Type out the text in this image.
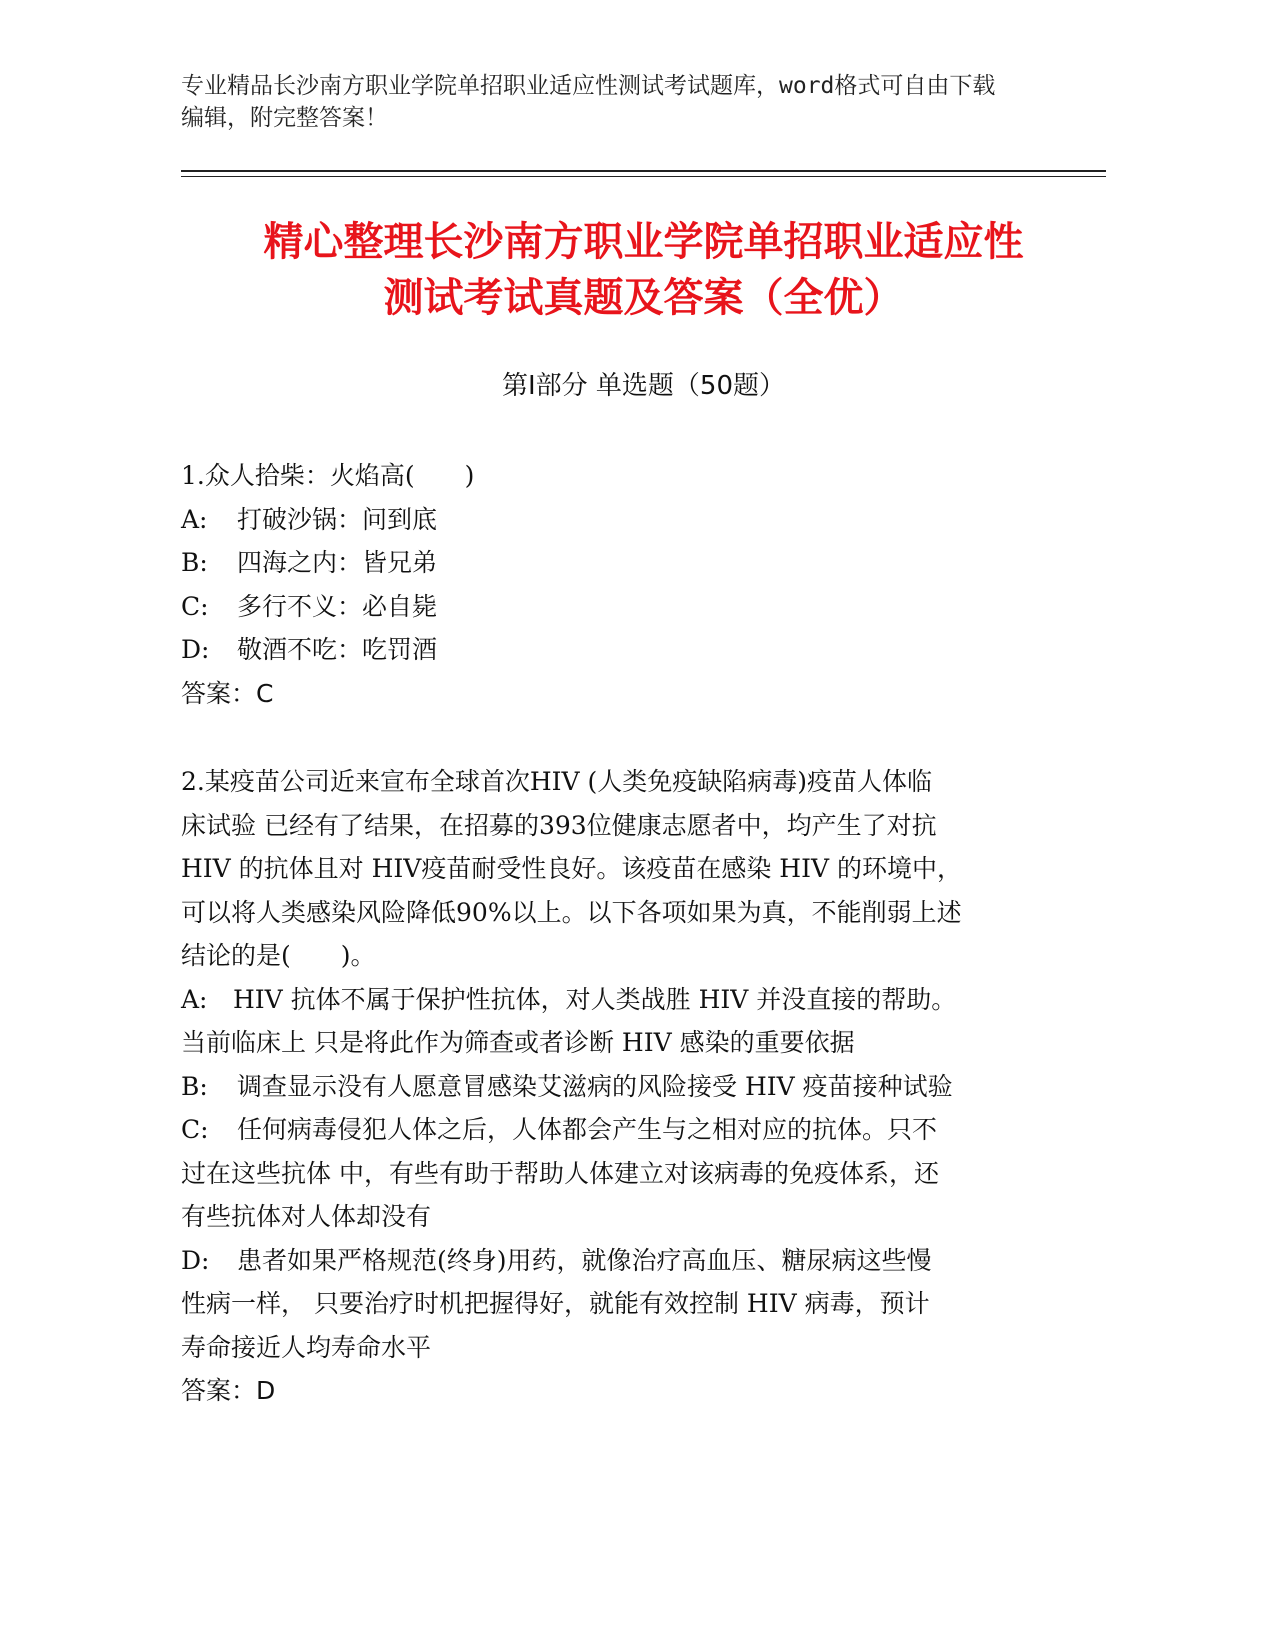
专业精品长沙南方职业学院单招职业适应性测试考试题库，word格式可自由下载
编辑，附完整答案！
精心整理长沙南方职业学院单招职业适应性
测试考试真题及答案（全优）
第Ⅰ部分 单选题（50题）
1.众人拾柴：火焰高(　　)
A: 打破沙锅：问到底
B: 四海之内：皆兄弟
C: 多行不义：必自毙
D: 敬酒不吃：吃罚酒
答案：C
2.某疫苗公司近来宣布全球首次HIV (人类免疫缺陷病毒)疫苗人体临
床试验 已经有了结果，在招募的393位健康志愿者中，均产生了对抗
HIV 的抗体且对 HIV疫苗耐受性良好。该疫苗在感染 HIV 的环境中，
可以将人类感染风险降低90%以上。以下各项如果为真，不能削弱上述
结论的是(　　)。
A: HIV 抗体不属于保护性抗体，对人类战胜 HIV 并没直接的帮助。
当前临床上 只是将此作为筛查或者诊断 HIV 感染的重要依据
B: 调查显示没有人愿意冒感染艾滋病的风险接受 HIV 疫苗接种试验
C: 任何病毒侵犯人体之后，人体都会产生与之相对应的抗体。只不
过在这些抗体 中，有些有助于帮助人体建立对该病毒的免疫体系，还
有些抗体对人体却没有
D: 患者如果严格规范(终身)用药，就像治疗高血压、糖尿病这些慢
性病一样， 只要治疗时机把握得好，就能有效控制 HIV 病毒，预计
寿命接近人均寿命水平
答案：D
